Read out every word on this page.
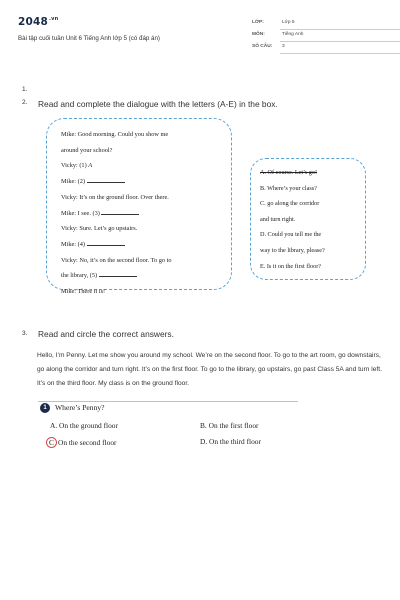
$2048^{.vn}$
Bài tập cuối tuần Unit 6 Tiếng Anh lớp 5 (có đáp án)
LỚP:	Lớp 5
MÔN:	Tiếng Anh
SỐ CÂU: 3
1.
2. Read and complete the dialogue with the letters (A-E) in the box.
Mike: Good morning. Could you show me
around your school?
Vicky: (1) A
Mike: (2)
Vicky: It’s on the ground floor. Over there.
Mike: I see. (3)
Vicky: Sure. Let’s go upstairs.
Mike: (4)
Vicky: No, it’s on the second floor. To go to
the library, (5)
Mike: There it is!
A. Of course. Let’s go!
B. Where’s your class?
C. go along the corridor
and turn right.
D. Could you tell me the
way to the library, please?
E. Is it on the first floor?
3. Read and circle the correct answers.
Hello, I’m Penny. Let me show you around my school. We’re on the second floor. To go to the art room, go downstairs, go along the corridor and turn right. It’s on the first floor. To go to the library, go upstairs, go past Class 5A and turn left. It’s on the third floor. My class is on the ground floor.
1 Where’s Penny?
A. On the ground floor	B. On the first floor
C On the second floor	D. On the third floor
